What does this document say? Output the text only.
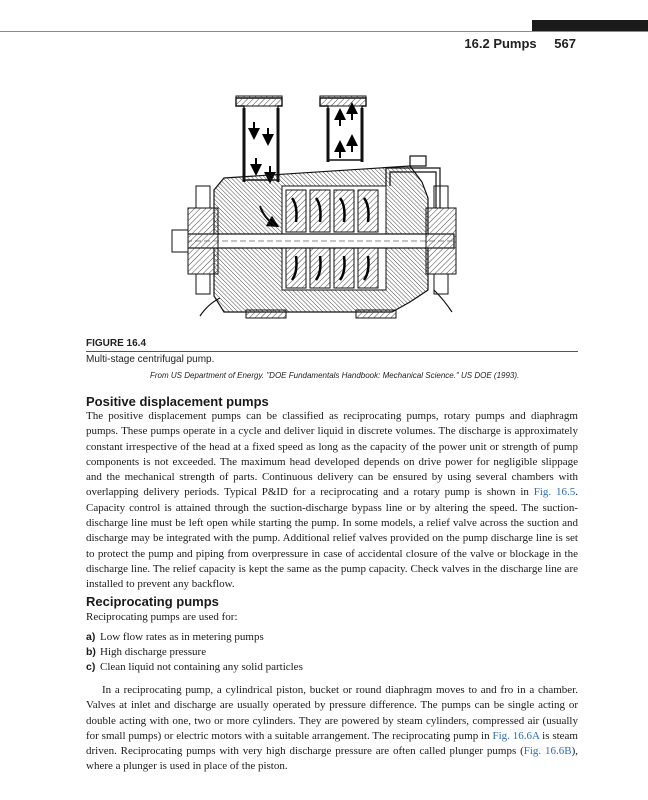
16.2 Pumps 567
FIGURE 16.4
Multi-stage centrifugal pump.
From US Department of Energy. "DOE Fundamentals Handbook: Mechanical Science." US DOE (1993).
Positive displacement pumps
The positive displacement pumps can be classified as reciprocating pumps, rotary pumps and diaphragm pumps. These pumps operate in a cycle and deliver liquid in discrete volumes. The discharge is approximately constant irrespective of the head at a fixed speed as long as the capacity of the power unit or strength of pump components is not exceeded. The maximum head developed depends on drive power for negligible slippage and the mechanical strength of parts. Continuous delivery can be ensured by using several chambers with overlapping delivery periods. Typical P&ID for a reciprocating and a rotary pump is shown in Fig. 16.5. Capacity control is attained through the suction-discharge bypass line or by altering the speed. The suction-discharge line must be left open while starting the pump. In some models, a relief valve across the suction and discharge may be integrated with the pump. Additional relief valves provided on the pump discharge line is set to protect the pump and piping from overpressure in case of accidental closure of the valve or blockage in the discharge line. The relief capacity is kept the same as the pump capacity. Check valves in the discharge line are installed to prevent any backflow.
Reciprocating pumps
Reciprocating pumps are used for:
a) Low flow rates as in metering pumps
b) High discharge pressure
c) Clean liquid not containing any solid particles
In a reciprocating pump, a cylindrical piston, bucket or round diaphragm moves to and fro in a chamber. Valves at inlet and discharge are usually operated by pressure difference. The pumps can be single acting or double acting with one, two or more cylinders. They are powered by steam cylinders, compressed air (usually for small pumps) or electric motors with a suitable arrangement. The reciprocating pump in Fig. 16.6A is steam driven. Reciprocating pumps with very high discharge pressure are often called plunger pumps (Fig. 16.6B), where a plunger is used in place of the piston.
